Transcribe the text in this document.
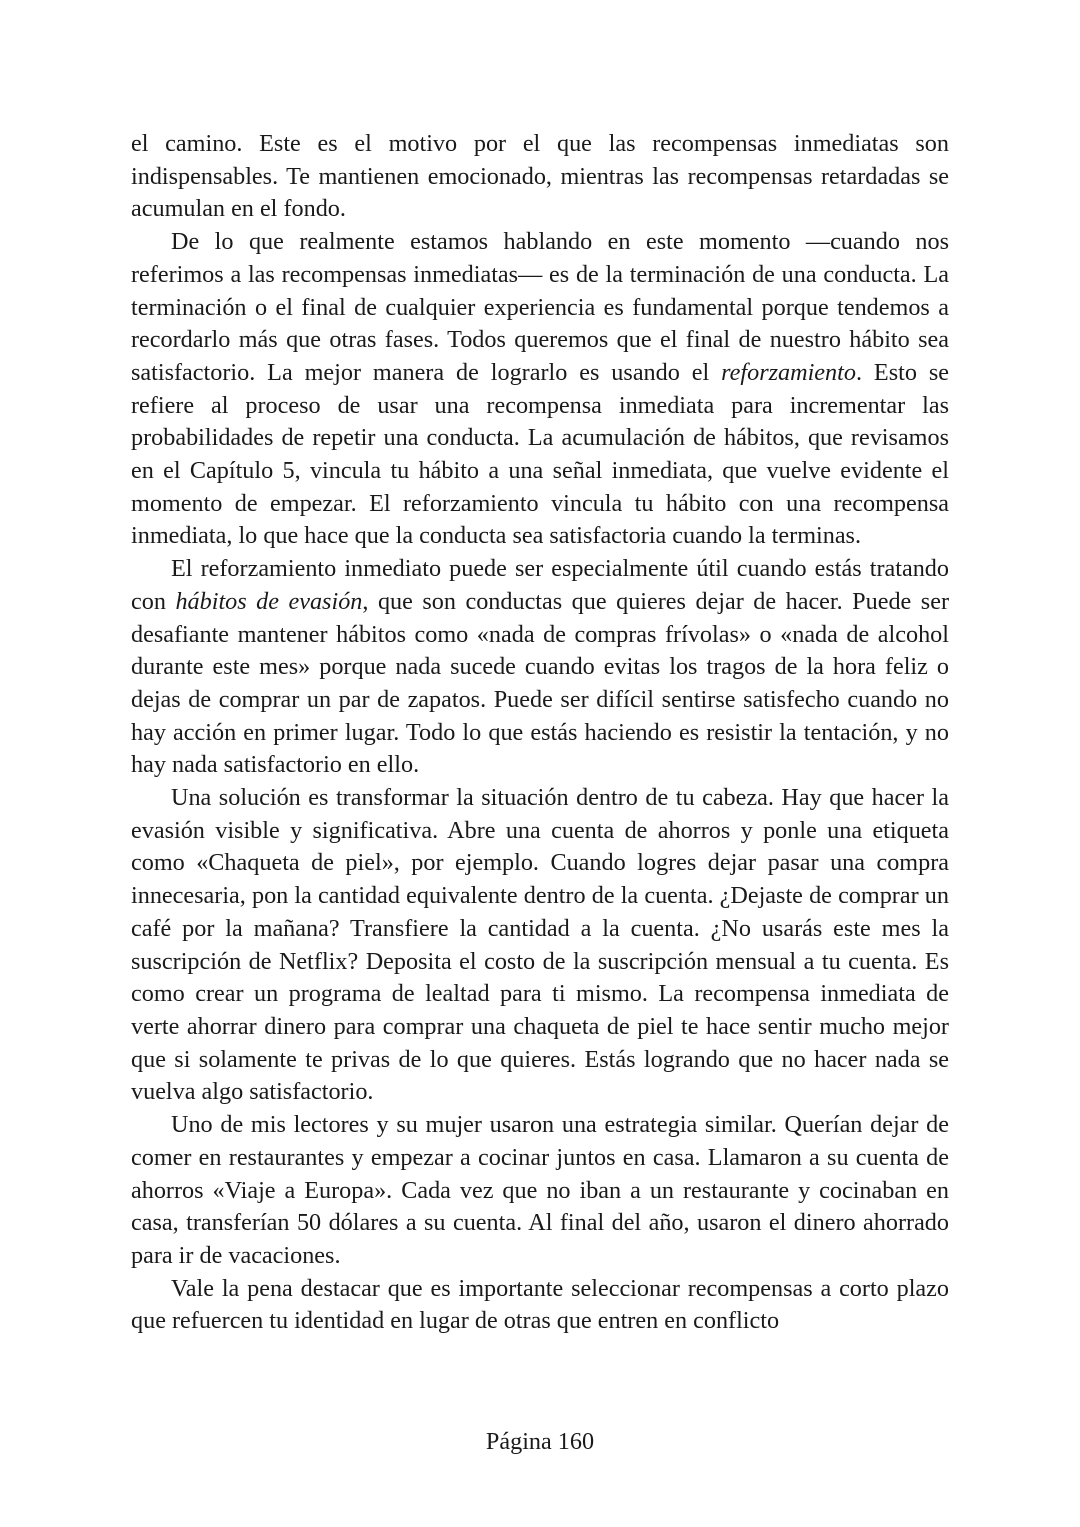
el camino. Este es el motivo por el que las recompensas inmediatas son indispensables. Te mantienen emocionado, mientras las recompensas retardadas se acumulan en el fondo.

De lo que realmente estamos hablando en este momento —cuando nos referimos a las recompensas inmediatas— es de la terminación de una conducta. La terminación o el final de cualquier experiencia es fundamental porque tendemos a recordarlo más que otras fases. Todos queremos que el final de nuestro hábito sea satisfactorio. La mejor manera de lograrlo es usando el reforzamiento. Esto se refiere al proceso de usar una recompensa inmediata para incrementar las probabilidades de repetir una conducta. La acumulación de hábitos, que revisamos en el Capítulo 5, vincula tu hábito a una señal inmediata, que vuelve evidente el momento de empezar. El reforzamiento vincula tu hábito con una recompensa inmediata, lo que hace que la conducta sea satisfactoria cuando la terminas.

El reforzamiento inmediato puede ser especialmente útil cuando estás tratando con hábitos de evasión, que son conductas que quieres dejar de hacer. Puede ser desafiante mantener hábitos como «nada de compras frívolas» o «nada de alcohol durante este mes» porque nada sucede cuando evitas los tragos de la hora feliz o dejas de comprar un par de zapatos. Puede ser difícil sentirse satisfecho cuando no hay acción en primer lugar. Todo lo que estás haciendo es resistir la tentación, y no hay nada satisfactorio en ello.

Una solución es transformar la situación dentro de tu cabeza. Hay que hacer la evasión visible y significativa. Abre una cuenta de ahorros y ponle una etiqueta como «Chaqueta de piel», por ejemplo. Cuando logres dejar pasar una compra innecesaria, pon la cantidad equivalente dentro de la cuenta. ¿Dejaste de comprar un café por la mañana? Transfiere la cantidad a la cuenta. ¿No usarás este mes la suscripción de Netflix? Deposita el costo de la suscripción mensual a tu cuenta. Es como crear un programa de lealtad para ti mismo. La recompensa inmediata de verte ahorrar dinero para comprar una chaqueta de piel te hace sentir mucho mejor que si solamente te privas de lo que quieres. Estás logrando que no hacer nada se vuelva algo satisfactorio.

Uno de mis lectores y su mujer usaron una estrategia similar. Querían dejar de comer en restaurantes y empezar a cocinar juntos en casa. Llamaron a su cuenta de ahorros «Viaje a Europa». Cada vez que no iban a un restaurante y cocinaban en casa, transferían 50 dólares a su cuenta. Al final del año, usaron el dinero ahorrado para ir de vacaciones.

Vale la pena destacar que es importante seleccionar recompensas a corto plazo que refuercen tu identidad en lugar de otras que entren en conflicto

Página 160
